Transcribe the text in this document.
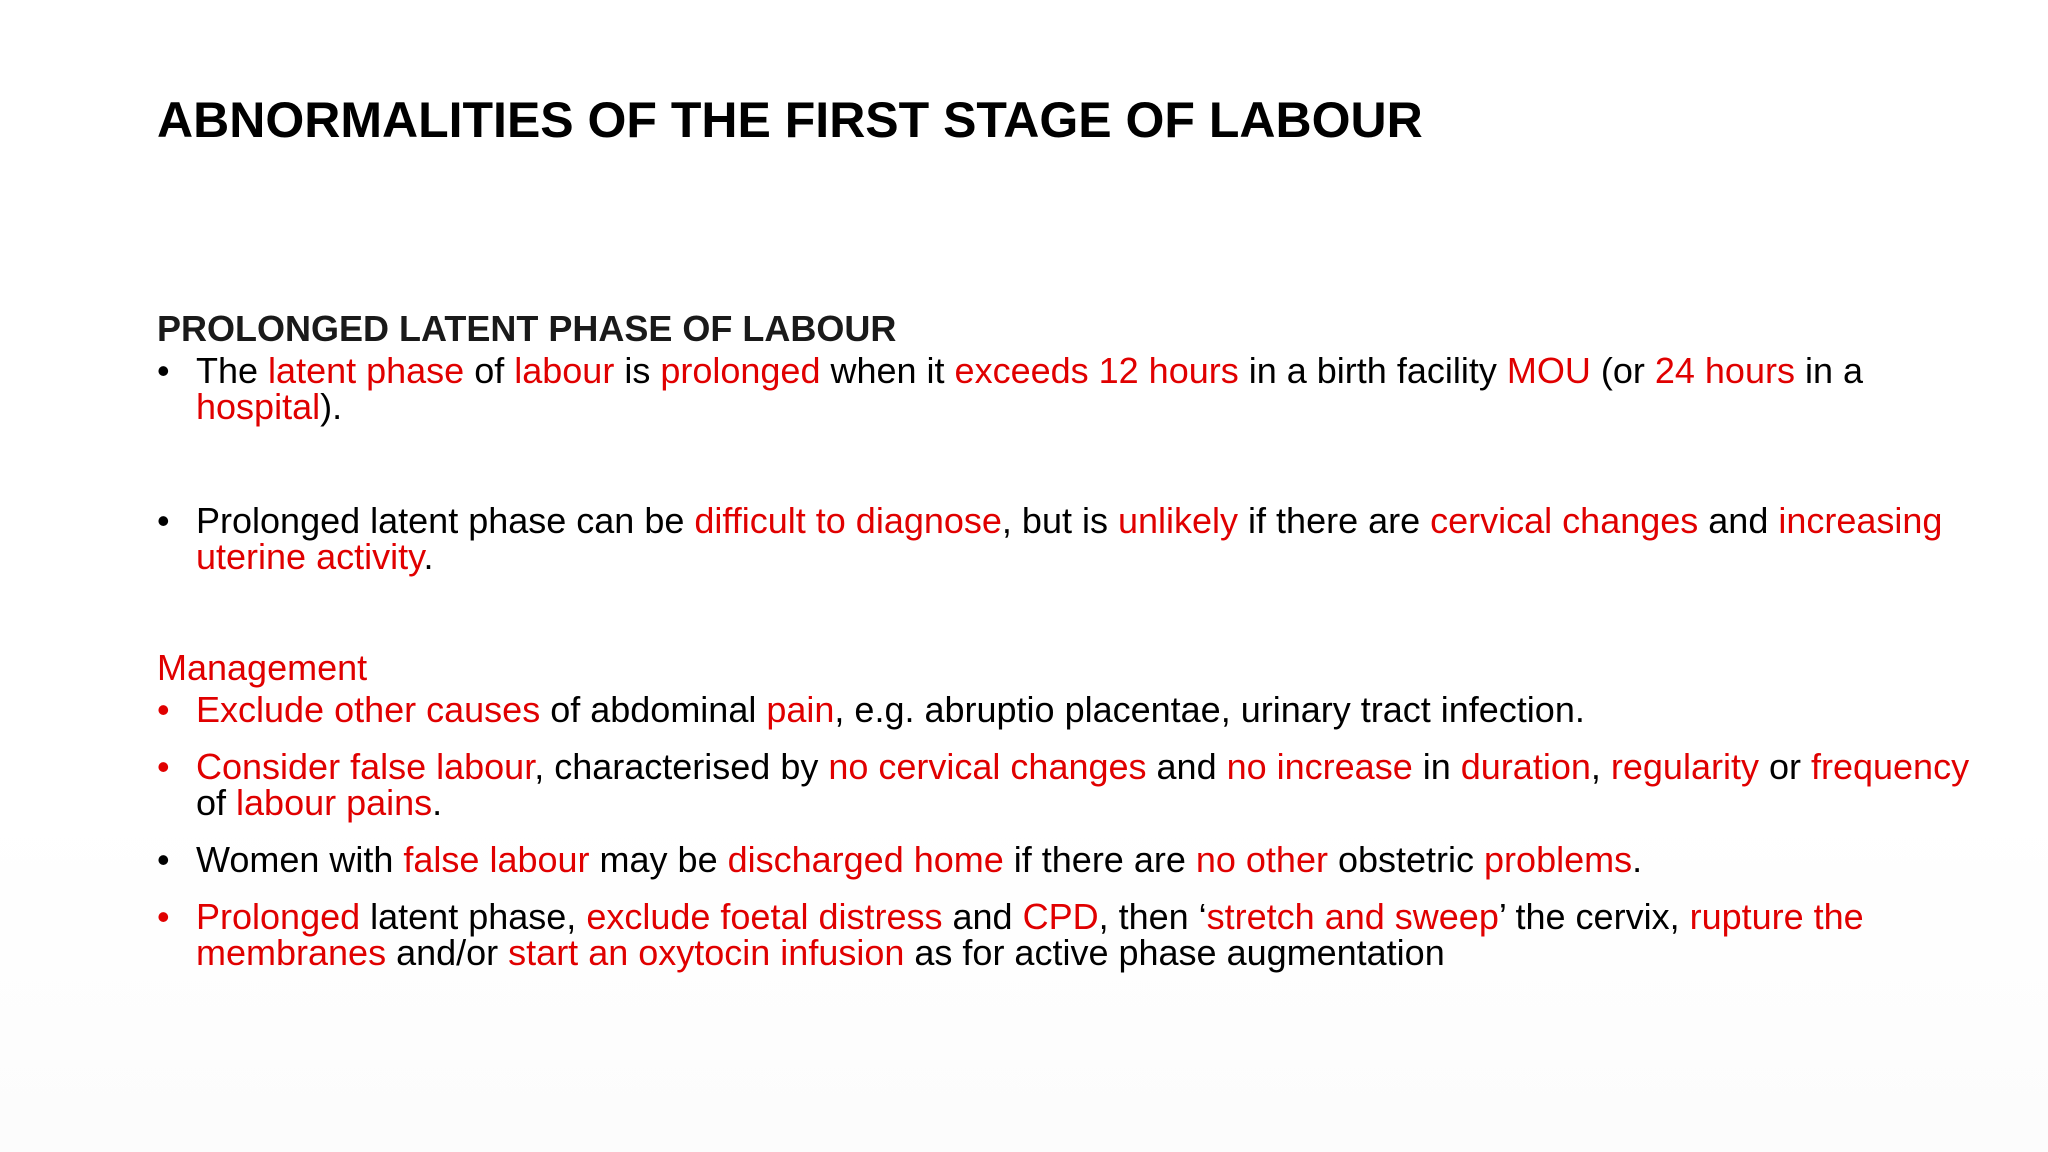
ABNORMALITIES OF THE FIRST STAGE OF LABOUR
PROLONGED LATENT PHASE OF LABOUR
• The latent phase of labour is prolonged when it exceeds 12 hours in a birth facility MOU (or 24 hours in a hospital).
• Prolonged latent phase can be difficult to diagnose, but is unlikely if there are cervical changes and increasing uterine activity.
Management
• Exclude other causes of abdominal pain, e.g. abruptio placentae, urinary tract infection.
• Consider false labour, characterised by no cervical changes and no increase in duration, regularity or frequency of labour pains.
• Women with false labour may be discharged home if there are no other obstetric problems.
• Prolonged latent phase, exclude foetal distress and CPD, then ‘stretch and sweep’ the cervix, rupture the membranes and/or start an oxytocin infusion as for active phase augmentation
